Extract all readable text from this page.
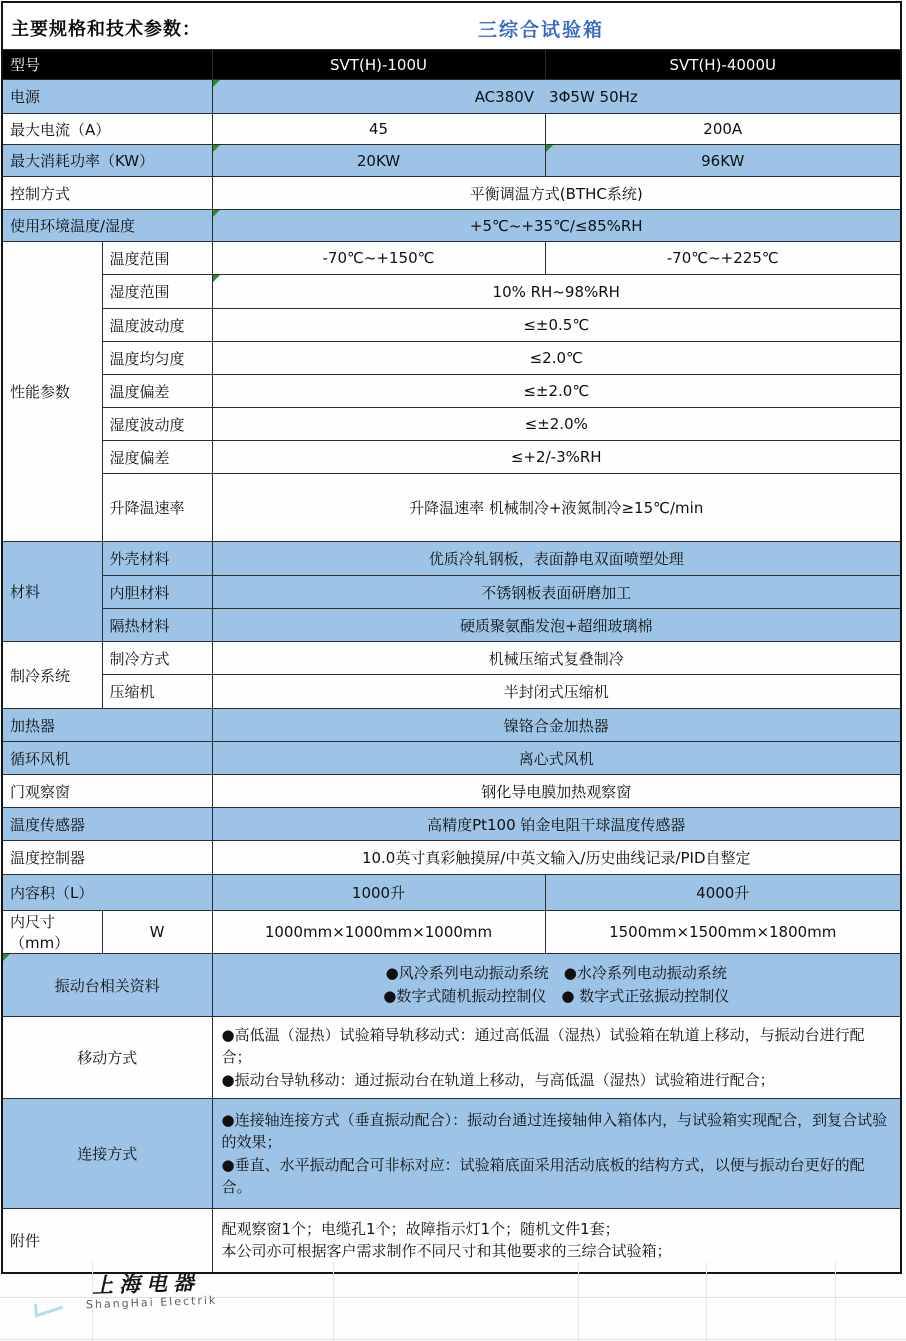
主要规格和技术参数： 三综合试验箱			

型号		SVT(H)-100U	SVT(H)-4000U
电源		AC380V　3Φ5W 50Hz	
最大电流（A）		45	200A
最大消耗功率（KW）		20KW	96KW
控制方式		平衡调温方式(BTHC系统)	
使用环境温度/湿度		+5℃~+35℃/≤85%RH	
性能参数	温度范围	-70℃~+150℃	-70℃~+225℃
	湿度范围	10% RH~98%RH	
	温度波动度	≤±0.5℃	
	温度均匀度	≤2.0℃	
	温度偏差	≤±2.0℃	
	湿度波动度	≤±2.0%	
	湿度偏差	≤+2/-3%RH	
	升降温速率	升降温速率 机械制冷+液氮制冷≥15℃/min	
材料	外壳材料	优质冷轧钢板，表面静电双面喷塑处理	
	内胆材料	不锈钢板表面研磨加工	
	隔热材料	硬质聚氨酯发泡+超细玻璃棉	
制冷系统	制冷方式	机械压缩式复叠制冷	
	压缩机	半封闭式压缩机	
加热器		镍铬合金加热器	
循环风机		离心式风机	
门观察窗		钢化导电膜加热观察窗	
温度传感器		高精度Pt100 铂金电阻干球温度传感器	
温度控制器		10.0英寸真彩触摸屏/中英文输入/历史曲线记录/PID自整定	
内容积（L）		1000升	4000升
内尺寸（mm）	W	1000mm×1000mm×1000mm	1500mm×1500mm×1800mm
振动台相关资料		●风冷系列电动振动系统　●水冷系列电动振动系统
●数字式随机振动控制仪　● 数字式正弦振动控制仪	

移动方式		●高低温（湿热）试验箱导轨移动式：通过高低温（湿热）试验箱在轨道上移动，与振动台进行配合；
●振动台导轨移动：通过振动台在轨道上移动，与高低温（湿热）试验箱进行配合；	

连接方式		●连接轴连接方式（垂直振动配合）：振动台通过连接轴伸入箱体内，与试验箱实现配合，到复合试验的效果；
●垂直、水平振动配合可非标对应：试验箱底面采用活动底板的结构方式，以便与振动台更好的配合。	

附件		配观察窗1个；电缆孔1个；故障指示灯1个；随机文件1套；
本公司亦可根据客户需求制作不同尺寸和其他要求的三综合试验箱；	
上海电器
ShangHai Electrik
